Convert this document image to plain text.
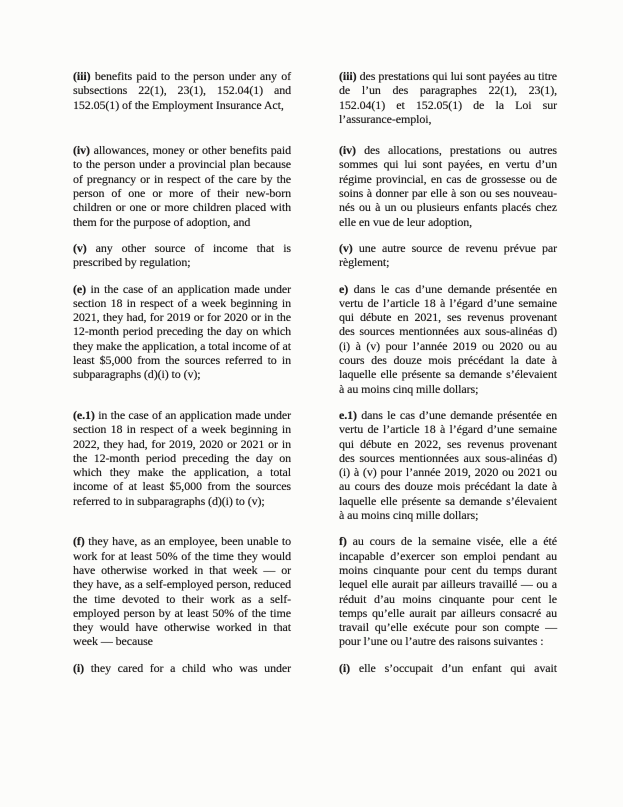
(iii) benefits paid to the person under any of subsections 22(1), 23(1), 152.04(1) and 152.05(1) of the Employment Insurance Act,

(iii) des prestations qui lui sont payées au titre de l’un des paragraphes 22(1), 23(1), 152.04(1) et 152.05(1) de la Loi sur l’assurance-emploi,

(iv) allowances, money or other benefits paid to the person under a provincial plan because of pregnancy or in respect of the care by the person of one or more of their new-born children or one or more children placed with them for the purpose of adoption, and

(iv) des allocations, prestations ou autres sommes qui lui sont payées, en vertu d’un régime provincial, en cas de grossesse ou de soins à donner par elle à son ou ses nouveau-nés ou à un ou plusieurs enfants placés chez elle en vue de leur adoption,

(v) any other source of income that is prescribed by regulation;

(v) une autre source de revenu prévue par règlement;

(e) in the case of an application made under section 18 in respect of a week beginning in 2021, they had, for 2019 or for 2020 or in the 12-month period preceding the day on which they make the application, a total income of at least $5,000 from the sources referred to in subparagraphs (d)(i) to (v);

e) dans le cas d’une demande présentée en vertu de l’article 18 à l’égard d’une semaine qui débute en 2021, ses revenus provenant des sources mentionnées aux sous-alinéas d)(i) à (v) pour l’année 2019 ou 2020 ou au cours des douze mois précédant la date à laquelle elle présente sa demande s’élevaient à au moins cinq mille dollars;

(e.1) in the case of an application made under section 18 in respect of a week beginning in 2022, they had, for 2019, 2020 or 2021 or in the 12-month period preceding the day on which they make the application, a total income of at least $5,000 from the sources referred to in subparagraphs (d)(i) to (v);

e.1) dans le cas d’une demande présentée en vertu de l’article 18 à l’égard d’une semaine qui débute en 2022, ses revenus provenant des sources mentionnées aux sous-alinéas d)(i) à (v) pour l’année 2019, 2020 ou 2021 ou au cours des douze mois précédant la date à laquelle elle présente sa demande s’élevaient à au moins cinq mille dollars;

(f) they have, as an employee, been unable to work for at least 50% of the time they would have otherwise worked in that week — or they have, as a self-employed person, reduced the time devoted to their work as a self-employed person by at least 50% of the time they would have otherwise worked in that week — because

f) au cours de la semaine visée, elle a été incapable d’exercer son emploi pendant au moins cinquante pour cent du temps durant lequel elle aurait par ailleurs travaillé — ou a réduit d’au moins cinquante pour cent le temps qu’elle aurait par ailleurs consacré au travail qu’elle exécute pour son compte — pour l’une ou l’autre des raisons suivantes :

(i) they cared for a child who was under	(i) elle s’occupait d’un enfant qui avait
